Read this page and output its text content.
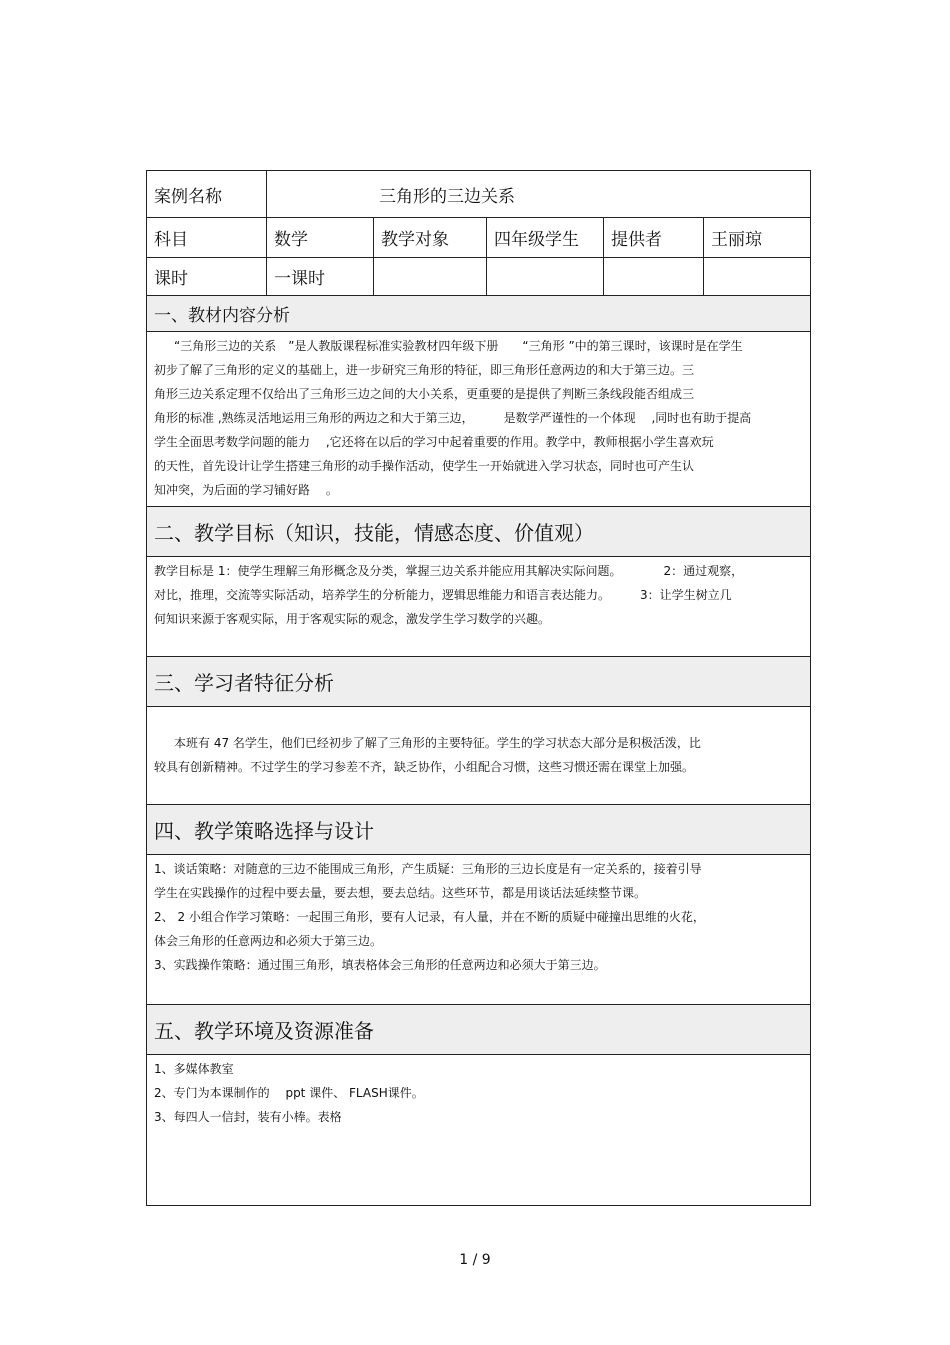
案例名称	三角形的三边关系
科目	数学	教学对象	四年级学生	提供者	王丽琼
课时	一课时
一、教材内容分析

“三角形三边的关系　”是人教版课程标准实验教材四年级下册　　“三角形 ”中的第三课时，该课时是在学生

初步了解了三角形的定义的基础上，进一步研究三角形的特征，即三角形任意两边的和大于第三边。三

角形三边关系定理不仅给出了三角形三边之间的大小关系，更重要的是提供了判断三条线段能否组成三

角形的标准 ,熟练灵活地运用三角形的两边之和大于第三边，　　　是数学严谨性的一个体现　 ,同时也有助于提高

学生全面思考数学问题的能力　 ,它还将在以后的学习中起着重要的作用。教学中，教师根据小学生喜欢玩

的天性，首先设计让学生搭建三角形的动手操作活动，使学生一开始就进入学习状态，同时也可产生认

知冲突，为后面的学习铺好路　 。

二、教学目标（知识，技能，情感态度、价值观）

教学目标是 1：使学生理解三角形概念及分类，掌握三边关系并能应用其解决实际问题。　　　　2：通过观察，

对比，推理，交流等实际活动，培养学生的分析能力，逻辑思维能力和语言表达能力。　　　3：让学生树立几

何知识来源于客观实际，用于客观实际的观念，激发学生学习数学的兴趣。

三、学习者特征分析

本班有 47 名学生，他们已经初步了解了三角形的主要特征。学生的学习状态大部分是积极活泼，比

较具有创新精神。不过学生的学习参差不齐，缺乏协作，小组配合习惯，这些习惯还需在课堂上加强。

四、教学策略选择与设计

1、谈话策略：对随意的三边不能围成三角形，产生质疑：三角形的三边长度是有一定关系的，接着引导

学生在实践操作的过程中要去量，要去想，要去总结。这些环节，都是用谈话法延续整节课。

2、 2 小组合作学习策略：一起围三角形，要有人记录，有人量，并在不断的质疑中碰撞出思维的火花，

体会三角形的任意两边和必须大于第三边。

3、实践操作策略：通过围三角形，填表格体会三角形的任意两边和必须大于第三边。

五、教学环境及资源准备

1、多媒体教室

2、专门为本课制作的　 ppt 课件、 FLASH课件。

3、每四人一信封，装有小棒。表格

1 / 9
